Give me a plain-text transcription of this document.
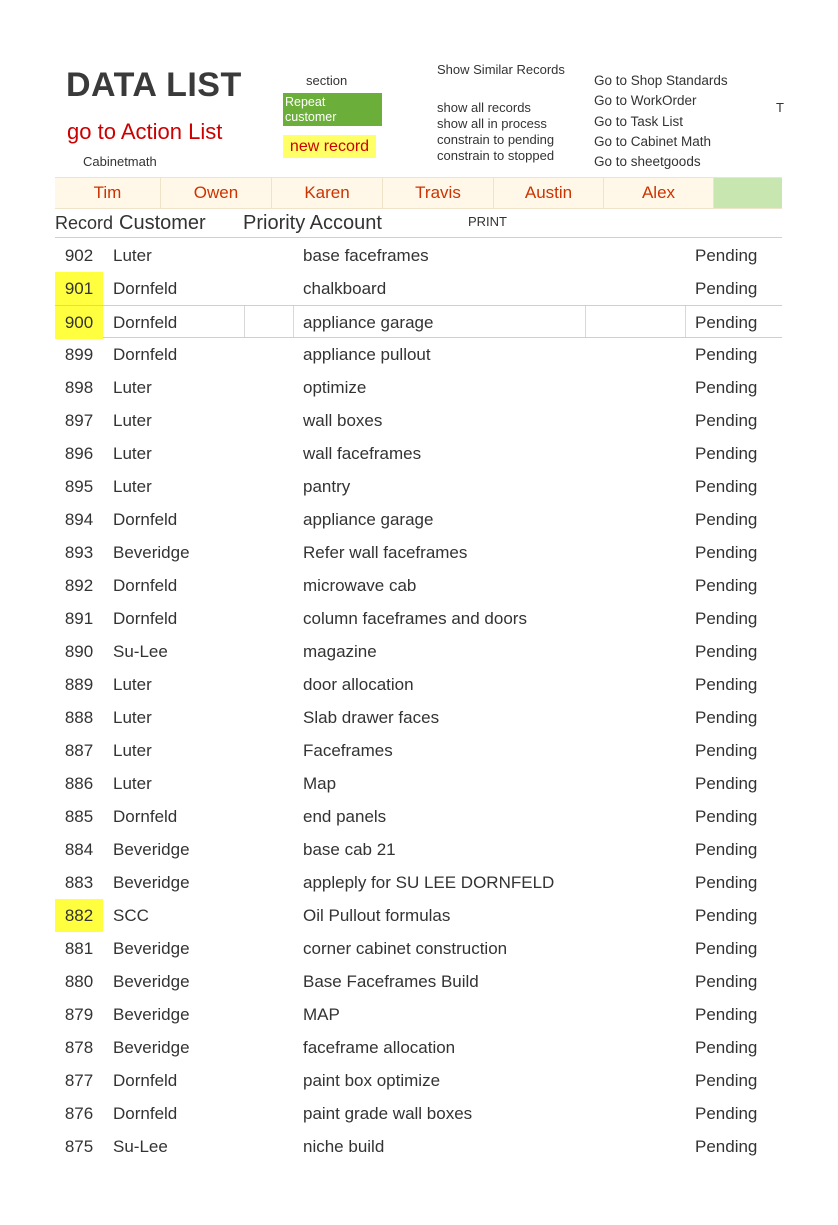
DATA LIST
go to Action List
Cabinetmath
section
Repeat customer
new record
Show Similar Records
show all records
show all in process
constrain to pending
constrain to stopped
Go to Shop Standards
Go to WorkOrder
Go to Task List
Go to Cabinet Math
Go to sheetgoods
T
Tim	Owen	Karen	Travis	Austin	Alex
Record Customer Priority Account	PRINT
902	Luter	base faceframes	Pending
901	Dornfeld	chalkboard	Pending
900	Dornfeld	appliance garage	Pending
899	Dornfeld	appliance pullout	Pending
898	Luter	optimize	Pending
897	Luter	wall boxes	Pending
896	Luter	wall faceframes	Pending
895	Luter	pantry	Pending
894	Dornfeld	appliance garage	Pending
893	Beveridge	Refer wall faceframes	Pending
892	Dornfeld	microwave cab	Pending
891	Dornfeld	column faceframes and doors	Pending
890	Su-Lee	magazine	Pending
889	Luter	door allocation	Pending
888	Luter	Slab drawer faces	Pending
887	Luter	Faceframes	Pending
886	Luter	Map	Pending
885	Dornfeld	end panels	Pending
884	Beveridge	base cab 21	Pending
883	Beveridge	appleply for SU LEE DORNFELD	Pending
882	SCC	Oil Pullout formulas	Pending
881	Beveridge	corner cabinet construction	Pending
880	Beveridge	Base Faceframes Build	Pending
879	Beveridge	MAP	Pending
878	Beveridge	faceframe allocation	Pending
877	Dornfeld	paint box optimize	Pending
876	Dornfeld	paint grade wall boxes	Pending
875	Su-Lee	niche build	Pending
